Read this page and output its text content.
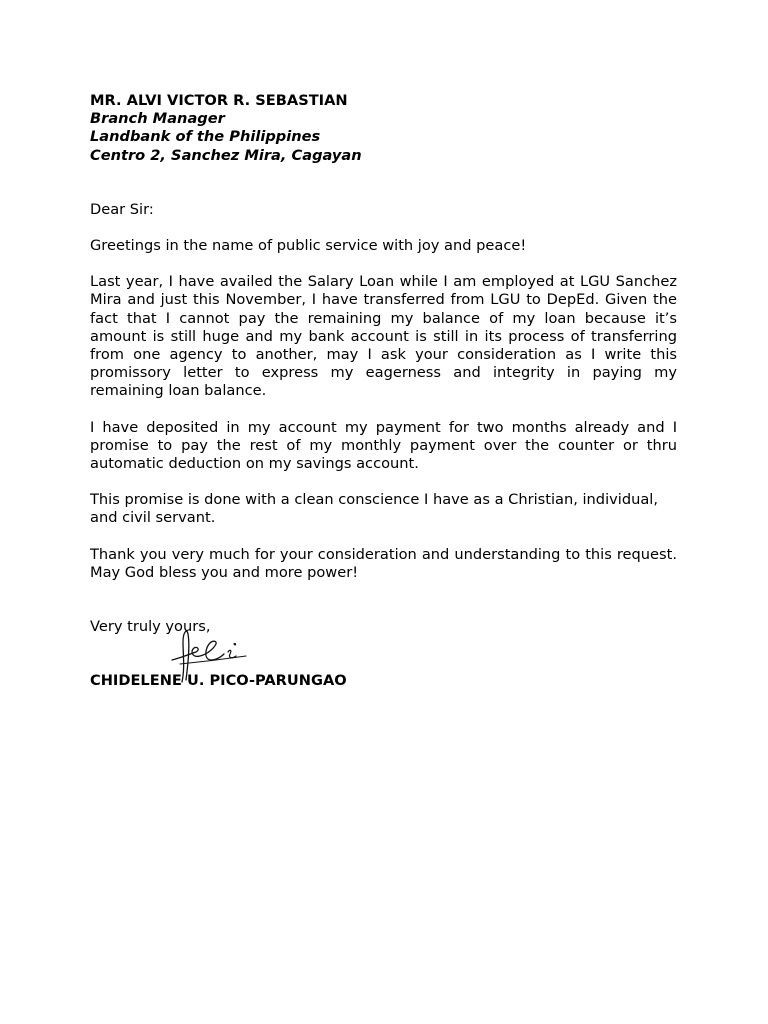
MR. ALVI VICTOR R. SEBASTIAN
Branch Manager
Landbank of the Philippines
Centro 2, Sanchez Mira, Cagayan

Dear Sir:

Greetings in the name of public service with joy and peace!

Last year, I have availed the Salary Loan while I am employed at LGU Sanchez Mira and just this November, I have transferred from LGU to DepEd. Given the fact that I cannot pay the remaining my balance of my loan because it’s amount is still huge and my bank account is still in its process of transferring from one agency to another, may I ask your consideration as I write this promissory letter to express my eagerness and integrity in paying my remaining loan balance.

I have deposited in my account my payment for two months already and I promise to pay the rest of my monthly payment over the counter or thru automatic deduction on my savings account.

This promise is done with a clean conscience I have as a Christian, individual, and civil servant.

Thank you very much for your consideration and understanding to this request. May God bless you and more power!

Very truly yours,
CHIDELENE U. PICO-PARUNGAO
